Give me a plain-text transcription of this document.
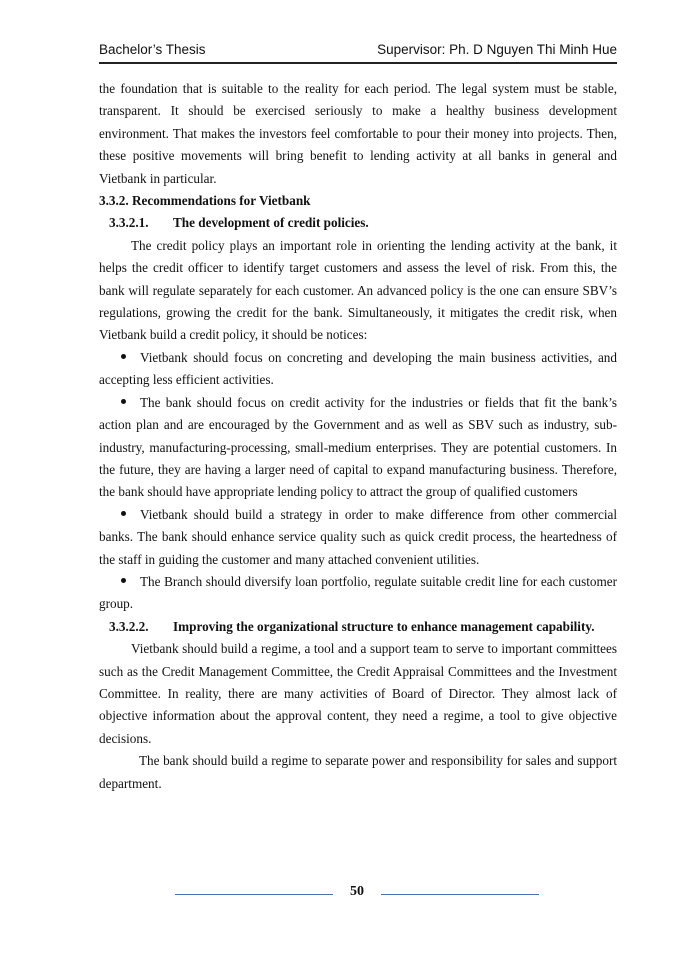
Bachelor’s Thesis	Supervisor: Ph. D Nguyen Thi Minh Hue

the foundation that is suitable to the reality for each period. The legal system must be stable, transparent. It should be exercised seriously to make a healthy business development environment. That makes the investors feel comfortable to pour their money into projects. Then, these positive movements will bring benefit to lending activity at all banks in general and Vietbank in particular.

3.3.2. Recommendations for Vietbank

3.3.2.1.	The development of credit policies.

The credit policy plays an important role in orienting the lending activity at the bank, it helps the credit officer to identify target customers and assess the level of risk. From this, the bank will regulate separately for each customer. An advanced policy is the one can ensure SBV’s regulations, growing the credit for the bank. Simultaneously, it mitigates the credit risk, when Vietbank build a credit policy, it should be notices:

Vietbank should focus on concreting and developing the main business activities, and accepting less efficient activities.

The bank should focus on credit activity for the industries or fields that fit the bank’s action plan and are encouraged by the Government and as well as SBV such as industry, sub-industry, manufacturing-processing, small-medium enterprises. They are potential customers. In the future, they are having a larger need of capital to expand manufacturing business. Therefore, the bank should have appropriate lending policy to attract the group of qualified customers

Vietbank should build a strategy in order to make difference from other commercial banks. The bank should enhance service quality such as quick credit process, the heartedness of the staff in guiding the customer and many attached convenient utilities.

The Branch should diversify loan portfolio, regulate suitable credit line for each customer group.

3.3.2.2.	Improving the organizational structure to enhance management capability.

Vietbank should build a regime, a tool and a support team to serve to important committees such as the Credit Management Committee, the Credit Appraisal Committees and the Investment Committee. In reality, there are many activities of Board of Director. They almost lack of objective information about the approval content, they need a regime, a tool to give objective decisions.

The bank should build a regime to separate power and responsibility for sales and support department.

50
